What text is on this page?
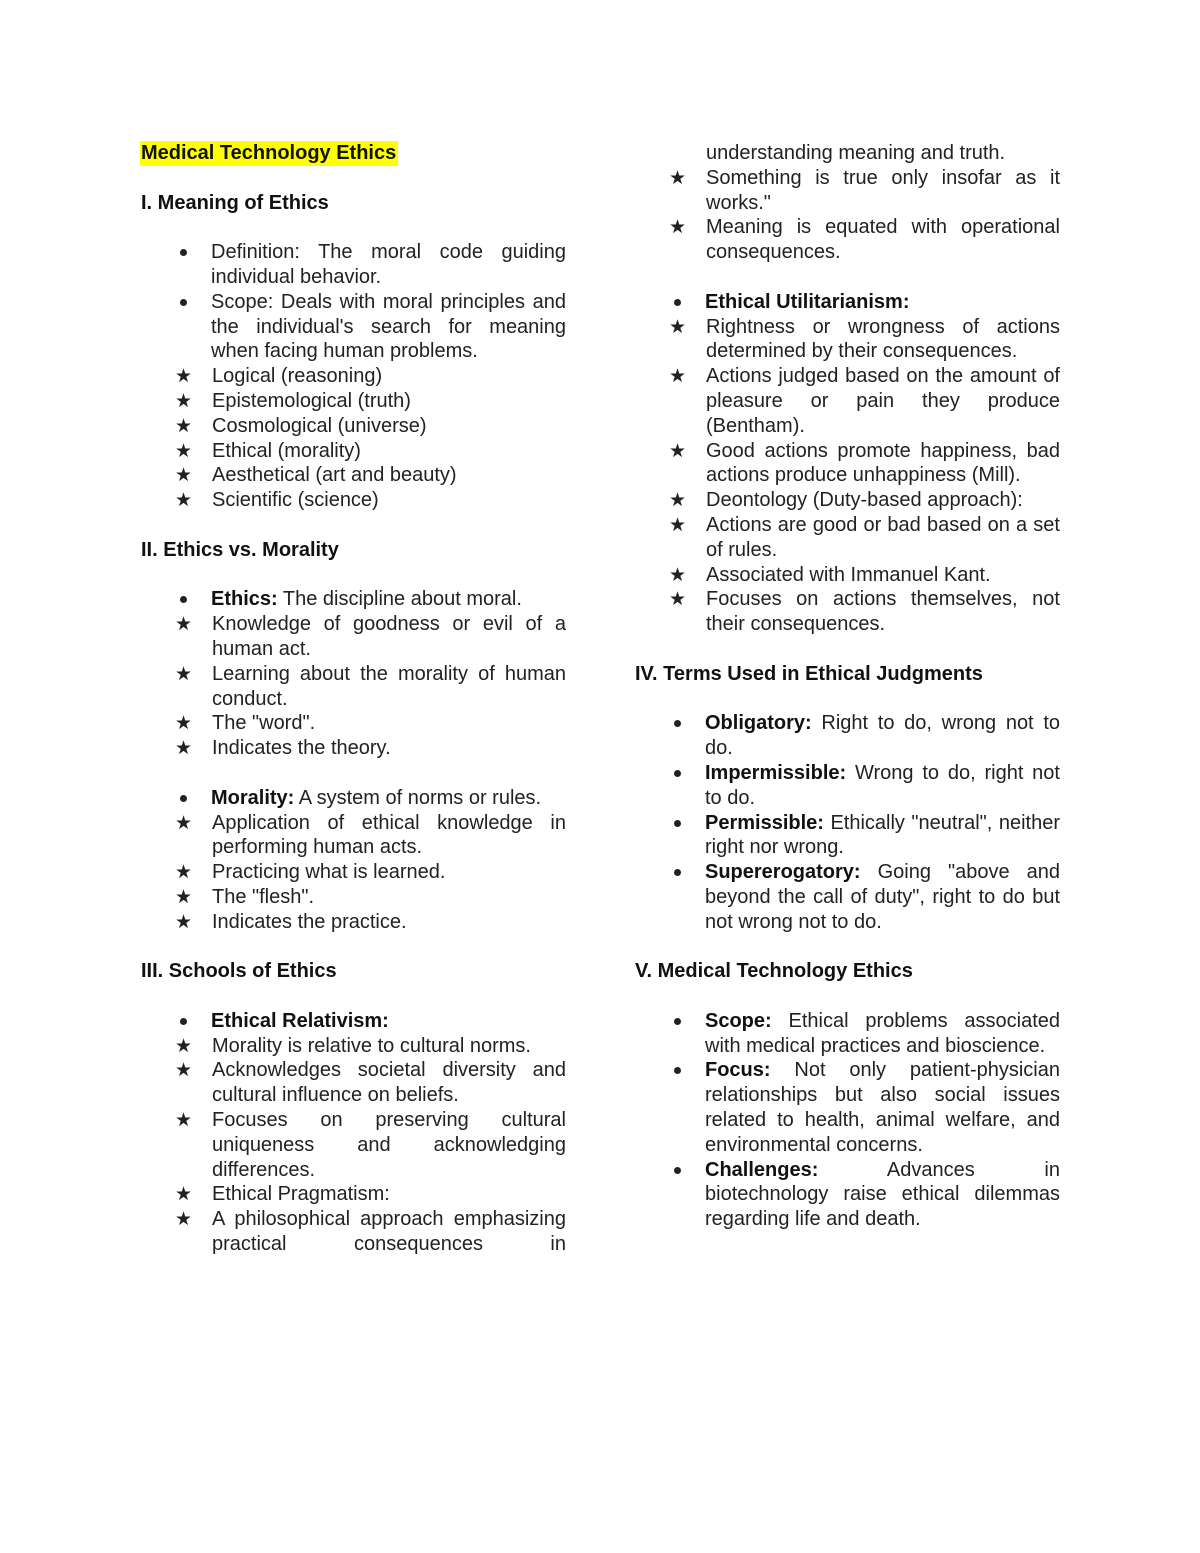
Medical Technology Ethics

I. Meaning of Ethics

Definition: The moral code guiding individual behavior.
Scope: Deals with moral principles and the individual's search for meaning when facing human problems.
★ Logical (reasoning)
★ Epistemological (truth)
★ Cosmological (universe)
★ Ethical (morality)
★ Aesthetical (art and beauty)
★ Scientific (science)

II. Ethics vs. Morality

Ethics: The discipline about moral.
★ Knowledge of goodness or evil of a human act.
★ Learning about the morality of human conduct.
★ The "word".
★ Indicates the theory.
Morality: A system of norms or rules.
★ Application of ethical knowledge in performing human acts.
★ Practicing what is learned.
★ The "flesh".
★ Indicates the practice.

III. Schools of Ethics

Ethical Relativism:
★ Morality is relative to cultural norms.
★ Acknowledges societal diversity and cultural influence on beliefs.
★ Focuses on preserving cultural uniqueness and acknowledging differences.
★ Ethical Pragmatism:
★ A philosophical approach emphasizing practical consequences in
understanding meaning and truth.
★ Something is true only insofar as it works."
★ Meaning is equated with operational consequences.
Ethical Utilitarianism:
★ Rightness or wrongness of actions determined by their consequences.
★ Actions judged based on the amount of pleasure or pain they produce (Bentham).
★ Good actions promote happiness, bad actions produce unhappiness (Mill).
★ Deontology (Duty-based approach):
★ Actions are good or bad based on a set of rules.
★ Associated with Immanuel Kant.
★ Focuses on actions themselves, not their consequences.

IV. Terms Used in Ethical Judgments

Obligatory: Right to do, wrong not to do.
Impermissible: Wrong to do, right not to do.
Permissible: Ethically "neutral", neither right nor wrong.
Supererogatory: Going "above and beyond the call of duty", right to do but not wrong not to do.

V. Medical Technology Ethics

Scope: Ethical problems associated with medical practices and bioscience.
Focus: Not only patient-physician relationships but also social issues related to health, animal welfare, and environmental concerns.
Challenges: Advances in biotechnology raise ethical dilemmas regarding life and death.
